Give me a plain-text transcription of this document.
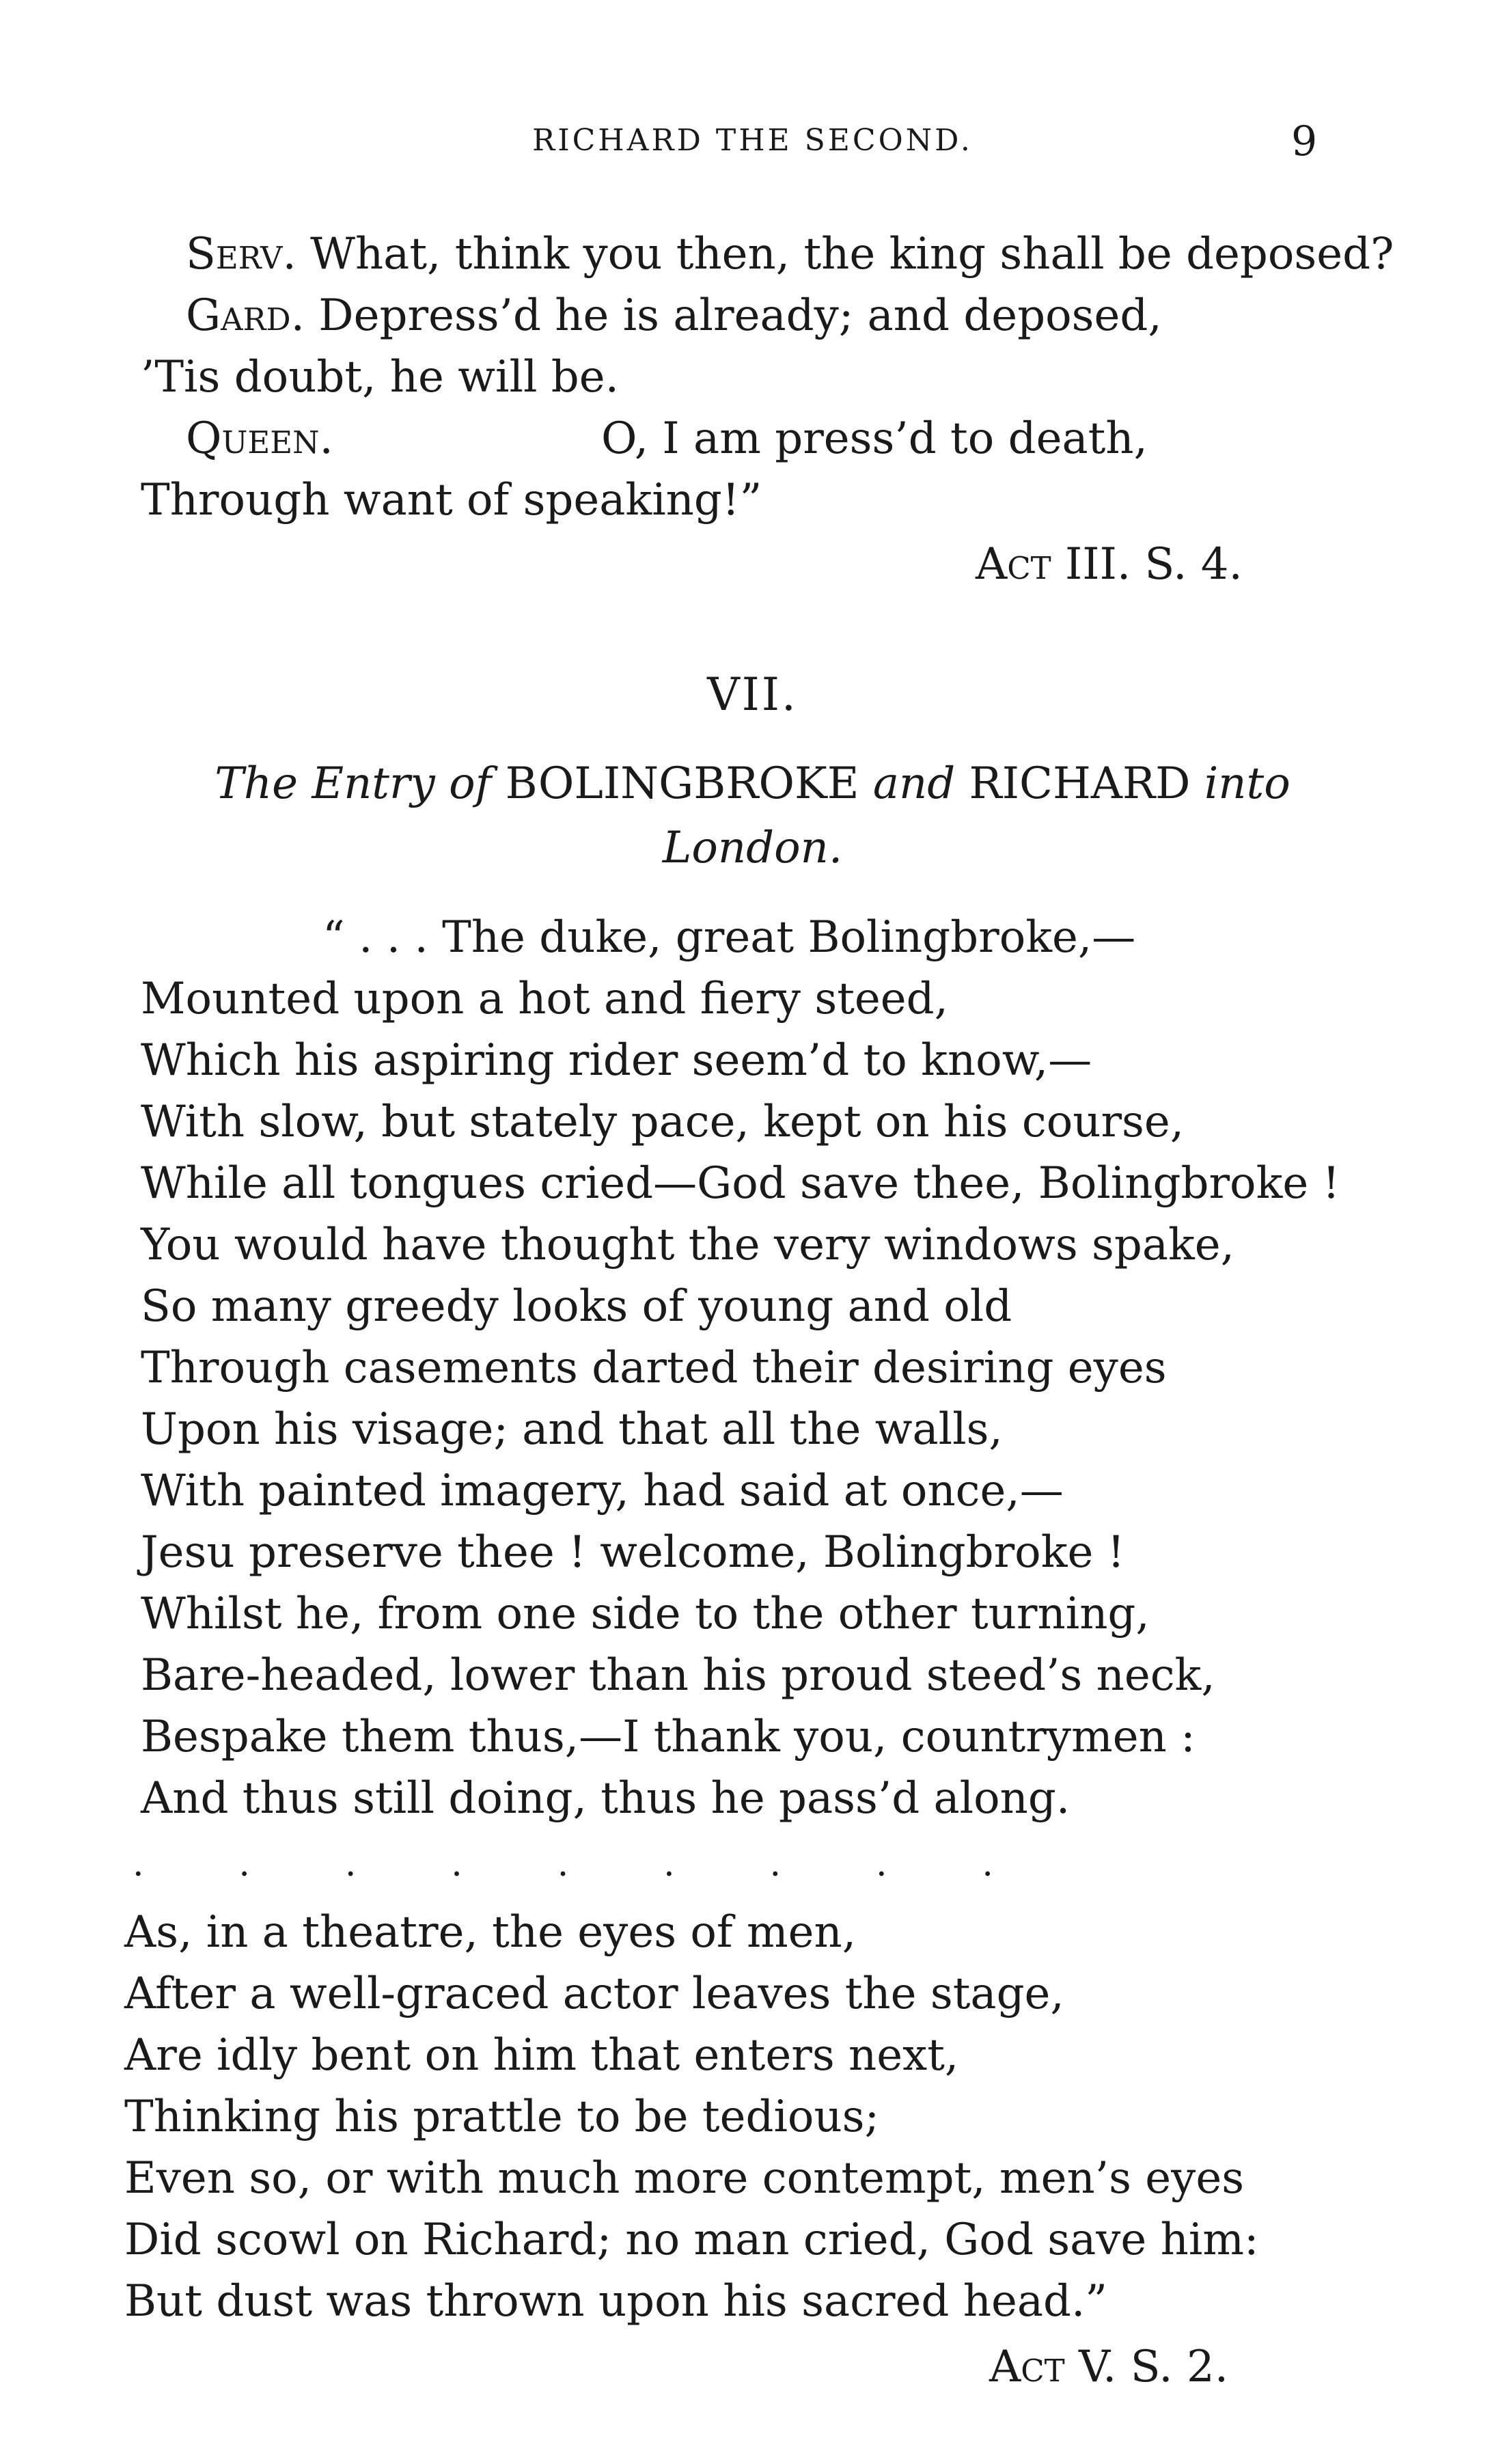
RICHARD THE SECOND.	9
Serv. What, think you then, the king shall be deposed?
Gard. Depress’d he is already; and deposed,
’Tis doubt, he will be.
Queen.	O, I am press’d to death,
Through want of speaking!”
Act III. S. 4.
VII.
The Entry of BOLINGBROKE and RICHARD into
London.
“ . . . The duke, great Bolingbroke,—
Mounted upon a hot and fiery steed,
Which his aspiring rider seem’d to know,—
With slow, but stately pace, kept on his course,
While all tongues cried—God save thee, Bolingbroke !
You would have thought the very windows spake,
So many greedy looks of young and old
Through casements darted their desiring eyes
Upon his visage; and that all the walls,
With painted imagery, had said at once,—
Jesu preserve thee ! welcome, Bolingbroke !
Whilst he, from one side to the other turning,
Bare-headed, lower than his proud steed’s neck,
Bespake them thus,—I thank you, countrymen :
And thus still doing, thus he pass’d along.
.	.	.	.	.	.	.	.	.
As, in a theatre, the eyes of men,
After a well-graced actor leaves the stage,
Are idly bent on him that enters next,
Thinking his prattle to be tedious;
Even so, or with much more contempt, men’s eyes
Did scowl on Richard; no man cried, God save him:
But dust was thrown upon his sacred head.”
Act V. S. 2.
